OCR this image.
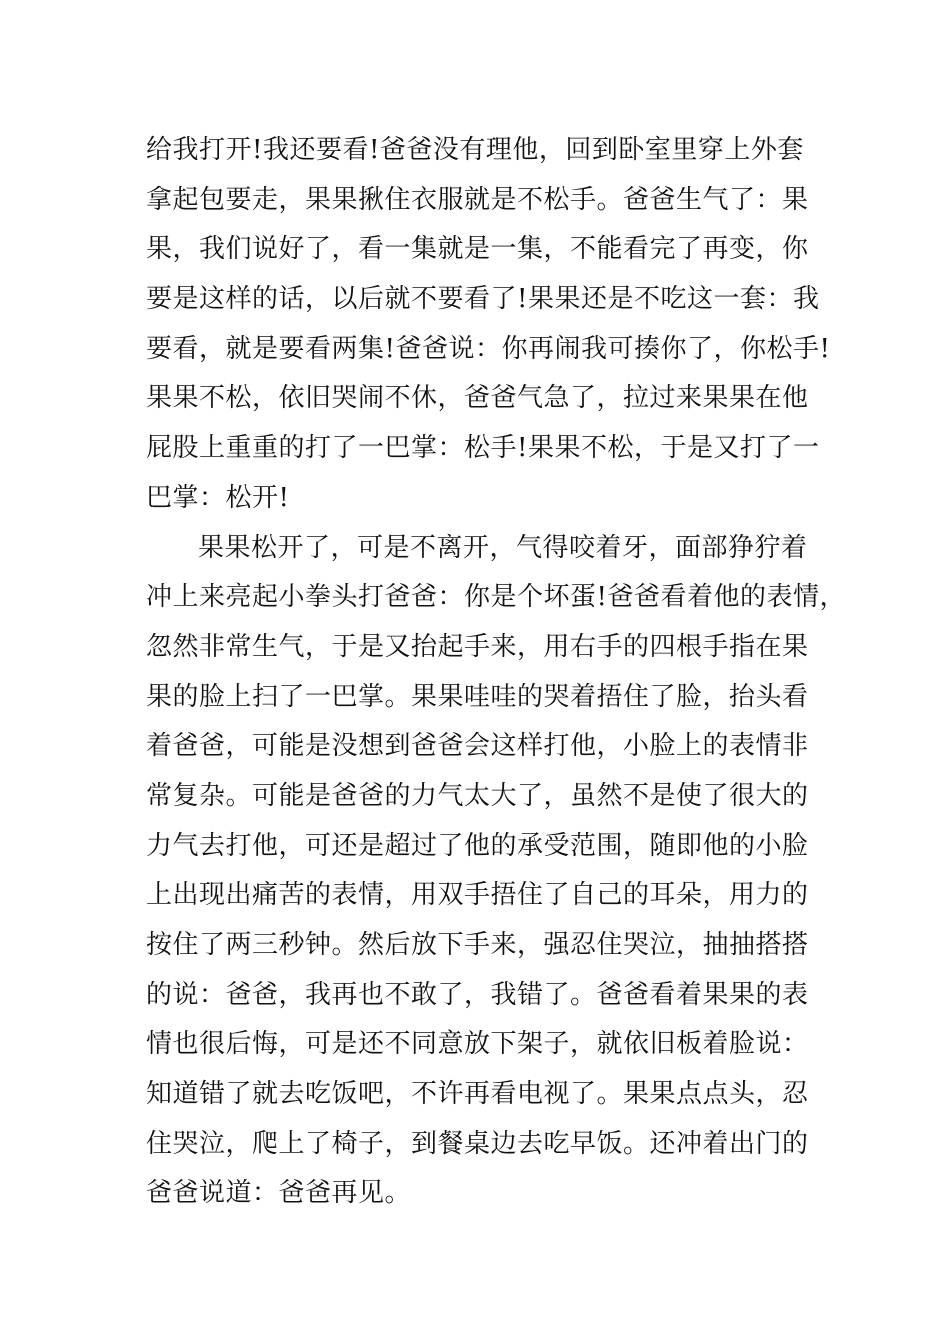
给我打开!我还要看!爸爸没有理他，回到卧室里穿上外套
拿起包要走，果果揪住衣服就是不松手。爸爸生气了：果
果，我们说好了，看一集就是一集，不能看完了再变，你
要是这样的话，以后就不要看了!果果还是不吃这一套：我
要看，就是要看两集!爸爸说：你再闹我可揍你了，你松手!
果果不松，依旧哭闹不休，爸爸气急了，拉过来果果在他
屁股上重重的打了一巴掌：松手!果果不松，于是又打了一
巴掌：松开!
果果松开了，可是不离开，气得咬着牙，面部狰狞着
冲上来亮起小拳头打爸爸：你是个坏蛋!爸爸看着他的表情，
忽然非常生气，于是又抬起手来，用右手的四根手指在果
果的脸上扫了一巴掌。果果哇哇的哭着捂住了脸，抬头看
着爸爸，可能是没想到爸爸会这样打他，小脸上的表情非
常复杂。可能是爸爸的力气太大了，虽然不是使了很大的
力气去打他，可还是超过了他的承受范围，随即他的小脸
上出现出痛苦的表情，用双手捂住了自己的耳朵，用力的
按住了两三秒钟。然后放下手来，强忍住哭泣，抽抽搭搭
的说：爸爸，我再也不敢了，我错了。爸爸看着果果的表
情也很后悔，可是还不同意放下架子，就依旧板着脸说：
知道错了就去吃饭吧，不许再看电视了。果果点点头，忍
住哭泣，爬上了椅子，到餐桌边去吃早饭。还冲着出门的
爸爸说道：爸爸再见。
